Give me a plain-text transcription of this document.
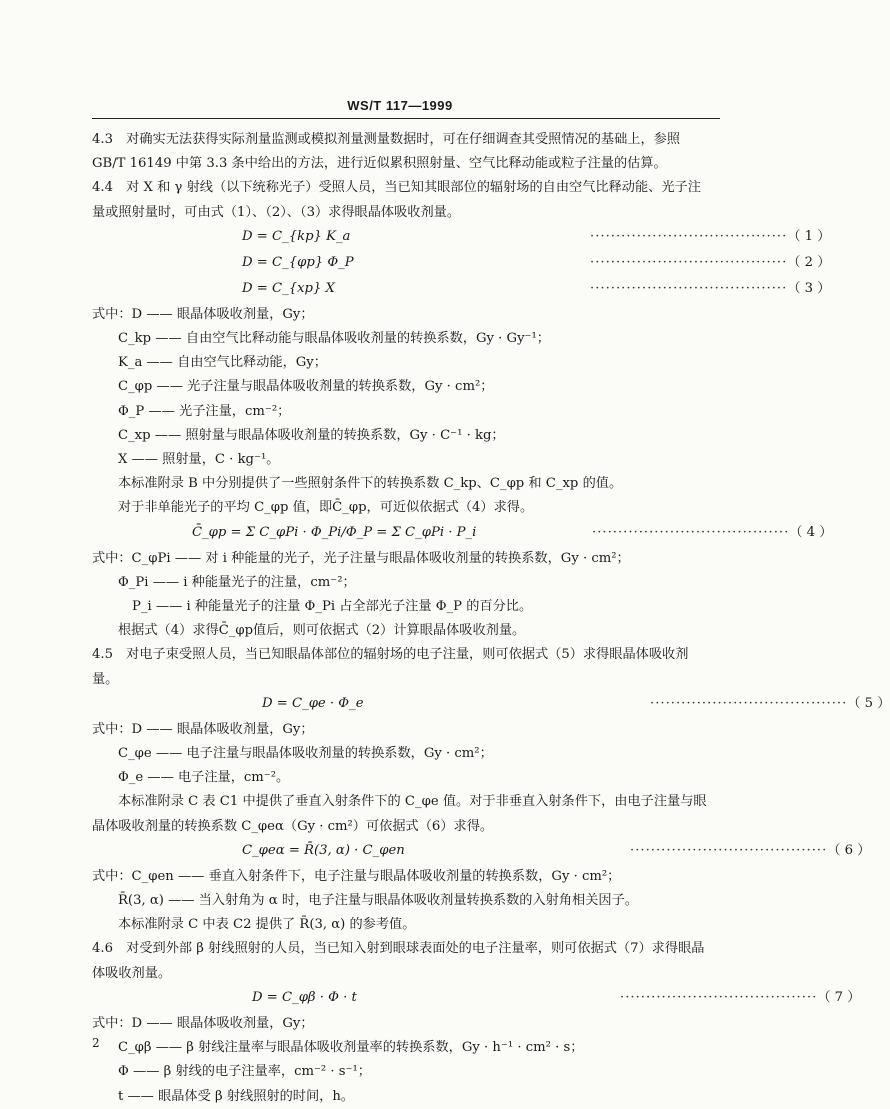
WS/T 117—1999

4.3　对确实无法获得实际剂量监测或模拟剂量测量数据时，可在仔细调查其受照情况的基础上，参照

GB/T 16149 中第 3.3 条中给出的方法，进行近似累积照射量、空气比释动能或粒子注量的估算。

4.4　对 X 和 γ 射线（以下统称光子）受照人员，当已知其眼部位的辐射场的自由空气比释动能、光子注

量或照射量时，可由式（1）、（2）、（3）求得眼晶体吸收剂量。

D = C_{kp} K_a	······································ （ 1 ）
D = C_{φp} Φ_P	······································ （ 2 ）
D = C_{xp} X	······································ （ 3 ）

式中：D —— 眼晶体吸收剂量，Gy；

C_kp —— 自由空气比释动能与眼晶体吸收剂量的转换系数，Gy · Gy⁻¹；

K_a —— 自由空气比释动能，Gy；

C_φp —— 光子注量与眼晶体吸收剂量的转换系数，Gy · cm²；

Φ_P —— 光子注量，cm⁻²；

C_xp —— 照射量与眼晶体吸收剂量的转换系数，Gy · C⁻¹ · kg；

X —— 照射量，C · kg⁻¹。

本标准附录 B 中分别提供了一些照射条件下的转换系数 C_kp、C_φp 和 C_xp 的值。

对于非单能光子的平均 C_φp 值，即C̄_φp，可近似依据式（4）求得。

C̄_φp = Σ C_φPi · Φ_Pi/Φ_P = Σ C_φPi · P_i	······································ （ 4 ）

式中：C_φPi —— 对 i 种能量的光子，光子注量与眼晶体吸收剂量的转换系数，Gy · cm²；

Φ_Pi —— i 种能量光子的注量，cm⁻²；

P_i —— i 种能量光子的注量 Φ_Pi 占全部光子注量 Φ_P 的百分比。

根据式（4）求得C̄_φp值后，则可依据式（2）计算眼晶体吸收剂量。

4.5　对电子束受照人员，当已知眼晶体部位的辐射场的电子注量，则可依据式（5）求得眼晶体吸收剂

量。

D = C_φe · Φ_e	······································ （ 5 ）

式中：D —— 眼晶体吸收剂量，Gy；

C_φe —— 电子注量与眼晶体吸收剂量的转换系数，Gy · cm²；

Φ_e —— 电子注量，cm⁻²。

本标准附录 C 表 C1 中提供了垂直入射条件下的 C_φe 值。对于非垂直入射条件下，由电子注量与眼

晶体吸收剂量的转换系数 C_φeα（Gy · cm²）可依据式（6）求得。

C_φeα = R̄(3, α) · C_φen	······································ （ 6 ）

式中：C_φen —— 垂直入射条件下，电子注量与眼晶体吸收剂量的转换系数，Gy · cm²；

R̄(3, α) —— 当入射角为 α 时，电子注量与眼晶体吸收剂量转换系数的入射角相关因子。

本标准附录 C 中表 C2 提供了 R̄(3, α) 的参考值。

4.6　对受到外部 β 射线照射的人员，当已知入射到眼球表面处的电子注量率，则可依据式（7）求得眼晶

体吸收剂量。

D = C_φβ · Φ · t	······································ （ 7 ）

式中：D —— 眼晶体吸收剂量，Gy；

C_φβ —— β 射线注量率与眼晶体吸收剂量率的转换系数，Gy · h⁻¹ · cm² · s；

Φ —— β 射线的电子注量率，cm⁻² · s⁻¹；

t —— 眼晶体受 β 射线照射的时间，h。

2
